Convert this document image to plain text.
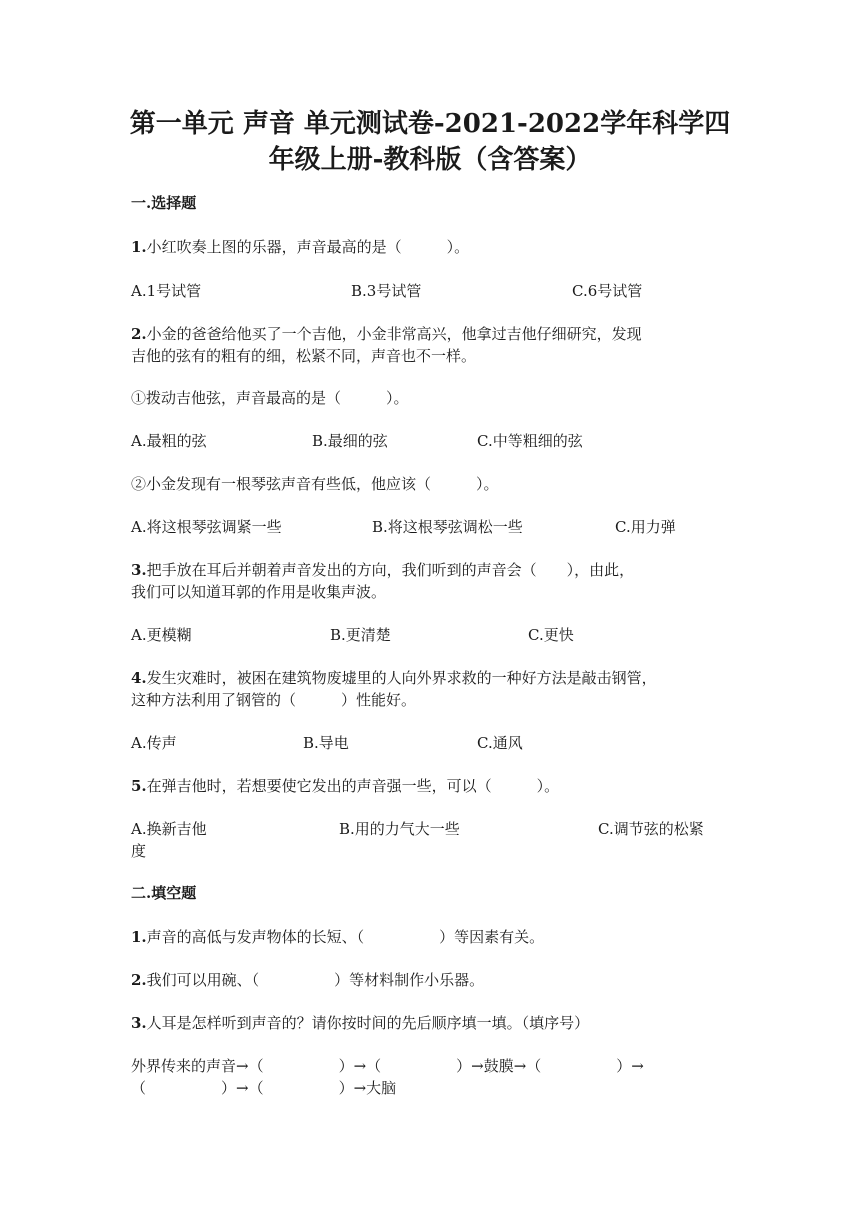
第一单元 声音 单元测试卷-2021-2022学年科学四
年级上册-教科版（含答案）
一.选择题
1.小红吹奏上图的乐器，声音最高的是（　　　）。
A.1号试管	B.3号试管	C.6号试管
2.小金的爸爸给他买了一个吉他，小金非常高兴，他拿过吉他仔细研究，发现
吉他的弦有的粗有的细，松紧不同，声音也不一样。
①拨动吉他弦，声音最高的是（　　　）。
A.最粗的弦	B.最细的弦	C.中等粗细的弦
②小金发现有一根琴弦声音有些低，他应该（　　　）。
A.将这根琴弦调紧一些	B.将这根琴弦调松一些	C.用力弹
3.把手放在耳后并朝着声音发出的方向，我们听到的声音会（　　），由此，
我们可以知道耳郭的作用是收集声波。
A.更模糊	B.更清楚	C.更快
4.发生灾难时，被困在建筑物废墟里的人向外界求救的一种好方法是敲击钢管，
这种方法利用了钢管的（　　　）性能好。
A.传声	B.导电	C.通风
5.在弹吉他时，若想要使它发出的声音强一些，可以（　　　）。
A.换新吉他	B.用的力气大一些	C.调节弦的松紧
度
二.填空题
1.声音的高低与发声物体的长短、（　　　　　）等因素有关。
2.我们可以用碗、（　　　　　）等材料制作小乐器。
3.人耳是怎样听到声音的？请你按时间的先后顺序填一填。（填序号）
外界传来的声音→（　　　　　）→（　　　　　）→鼓膜→（　　　　　）→
（　　　　　）→（　　　　　）→大脑
